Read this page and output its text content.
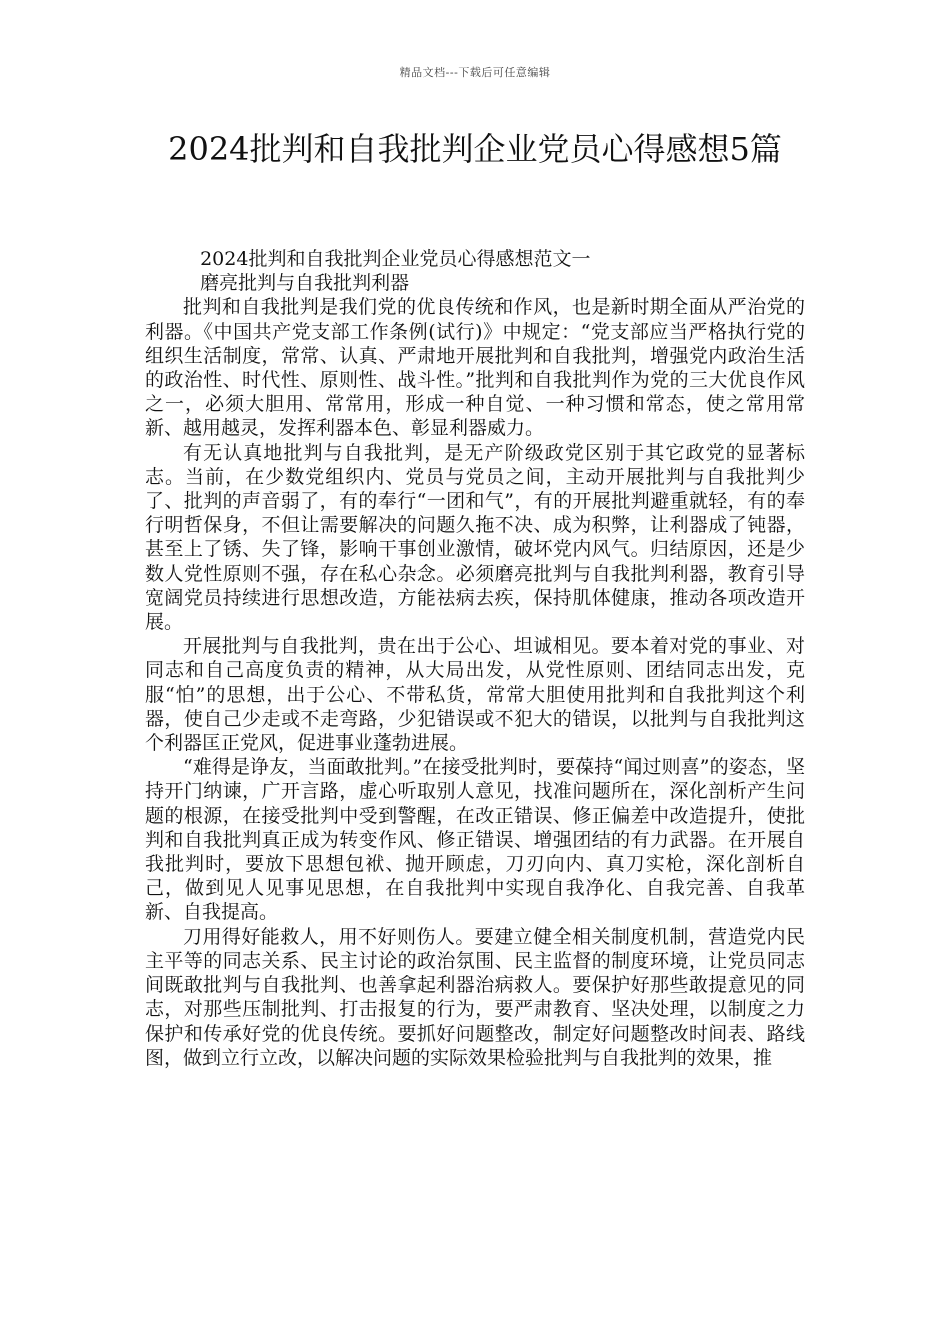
精品文档---下载后可任意编辑
2024批判和自我批判企业党员心得感想5篇

2024批判和自我批判企业党员心得感想范文一

磨亮批判与自我批判利器

批判和自我批判是我们党的优良传统和作风，也是新时期全面从严治党的利器。《中国共产党支部工作条例(试行)》中规定：“党支部应当严格执行党的组织生活制度，常常、认真、严肃地开展批判和自我批判，增强党内政治生活的政治性、时代性、原则性、战斗性。”批判和自我批判作为党的三大优良作风之一，必须大胆用、常常用，形成一种自觉、一种习惯和常态，使之常用常新、越用越灵，发挥利器本色、彰显利器威力。

有无认真地批判与自我批判，是无产阶级政党区别于其它政党的显著标志。当前，在少数党组织内、党员与党员之间，主动开展批判与自我批判少了、批判的声音弱了，有的奉行“一团和气”，有的开展批判避重就轻，有的奉行明哲保身，不但让需要解决的问题久拖不决、成为积弊，让利器成了钝器，甚至上了锈、失了锋，影响干事创业激情，破坏党内风气。归结原因，还是少数人党性原则不强，存在私心杂念。必须磨亮批判与自我批判利器，教育引导宽阔党员持续进行思想改造，方能祛病去疾，保持肌体健康，推动各项改造开展。

开展批判与自我批判，贵在出于公心、坦诚相见。要本着对党的事业、对同志和自己高度负责的精神，从大局出发，从党性原则、团结同志出发，克服“怕”的思想，出于公心、不带私货，常常大胆使用批判和自我批判这个利器，使自己少走或不走弯路，少犯错误或不犯大的错误，以批判与自我批判这个利器匡正党风，促进事业蓬勃进展。

“难得是诤友，当面敢批判。”在接受批判时，要葆持“闻过则喜”的姿态，坚持开门纳谏，广开言路，虚心听取别人意见，找准问题所在，深化剖析产生问题的根源，在接受批判中受到警醒，在改正错误、修正偏差中改造提升，使批判和自我批判真正成为转变作风、修正错误、增强团结的有力武器。在开展自我批判时，要放下思想包袱、抛开顾虑，刀刃向内、真刀实枪，深化剖析自己，做到见人见事见思想，在自我批判中实现自我净化、自我完善、自我革新、自我提高。

刀用得好能救人，用不好则伤人。要建立健全相关制度机制，营造党内民主平等的同志关系、民主讨论的政治氛围、民主监督的制度环境，让党员同志间既敢批判与自我批判、也善拿起利器治病救人。要保护好那些敢提意见的同志，对那些压制批判、打击报复的行为，要严肃教育、坚决处理，以制度之力保护和传承好党的优良传统。要抓好问题整改，制定好问题整改时间表、路线图，做到立行立改，以解决问题的实际效果检验批判与自我批判的效果，推
